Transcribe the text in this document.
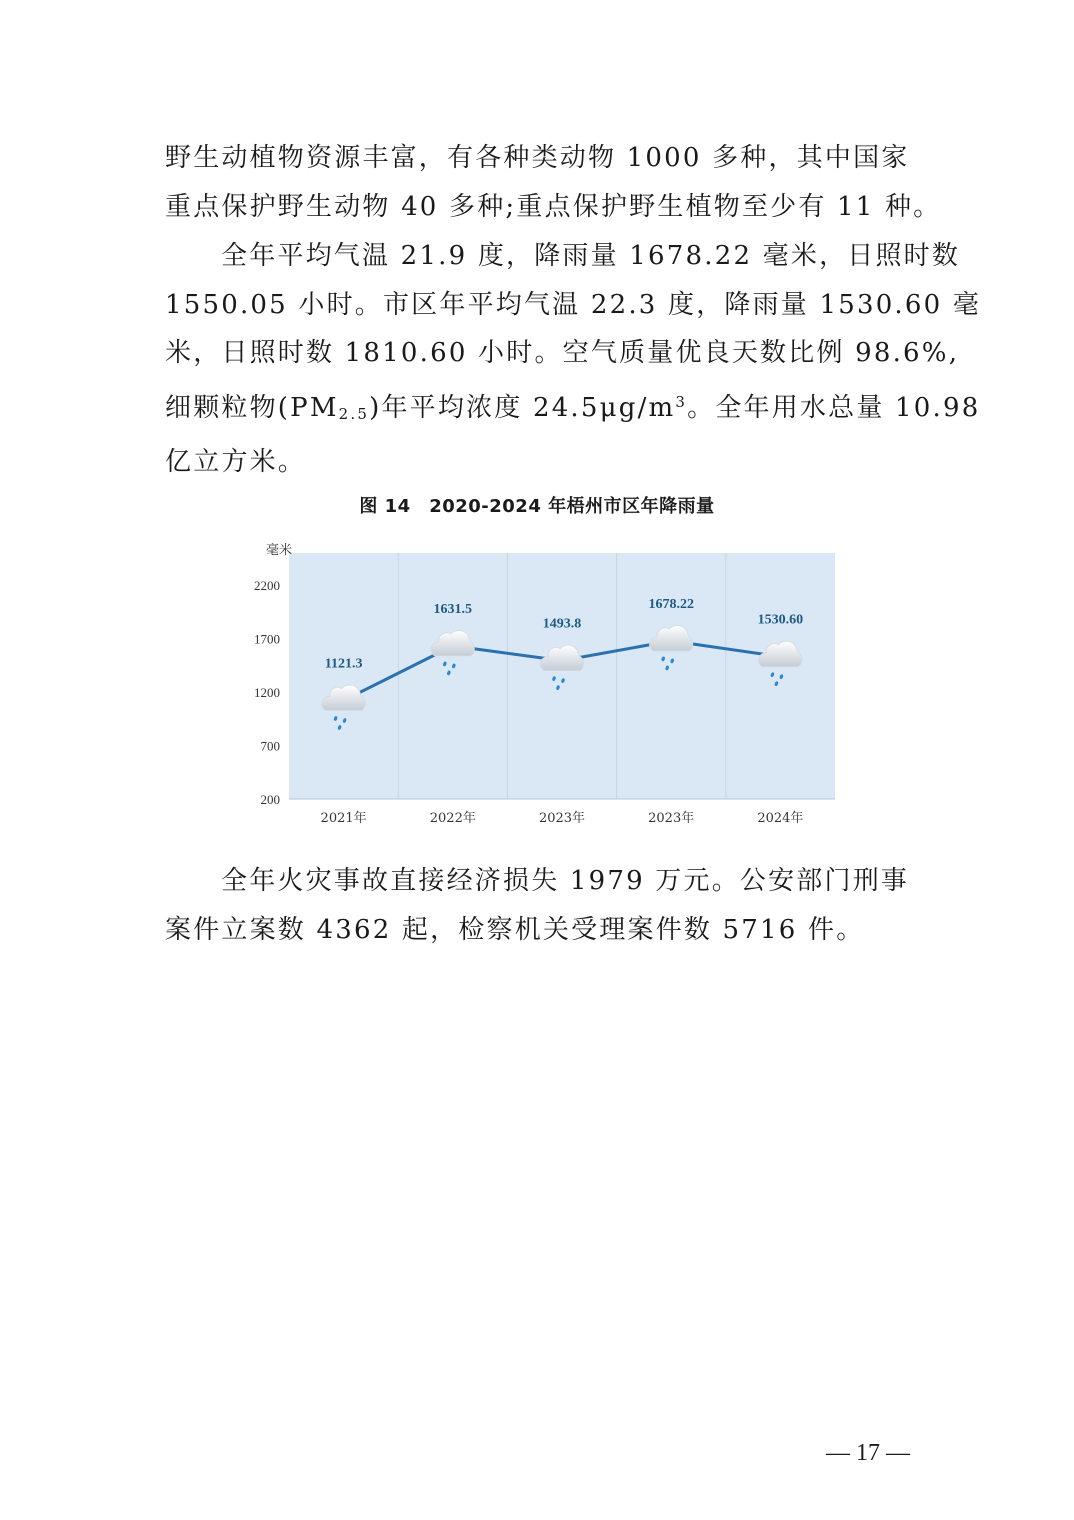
野生动植物资源丰富，有各种类动物 1000 多种，其中国家
重点保护野生动物 40 多种;重点保护野生植物至少有 11 种。

全年平均气温 21.9 度，降雨量 1678.22 毫米，日照时数
1550.05 小时。市区年平均气温 22.3 度，降雨量 1530.60 毫
米，日照时数 1810.60 小时。空气质量优良天数比例 98.6%,
细颗粒物$(PM_{2.5})$年平均浓度 $24.5\mu g/m^3$。全年用水总量 10.98
亿立方米。

图 14　2020-2024 年梧州市区年降雨量
200
700
1200
1700
2200
毫米
1121.3
1631.5
1493.8
1678.22
1530.60
2021年	2022年	2023年	2023年	2024年
— 17 —

全年火灾事故直接经济损失 1979 万元。公安部门刑事
案件立案数 4362 起，检察机关受理案件数 5716 件。
